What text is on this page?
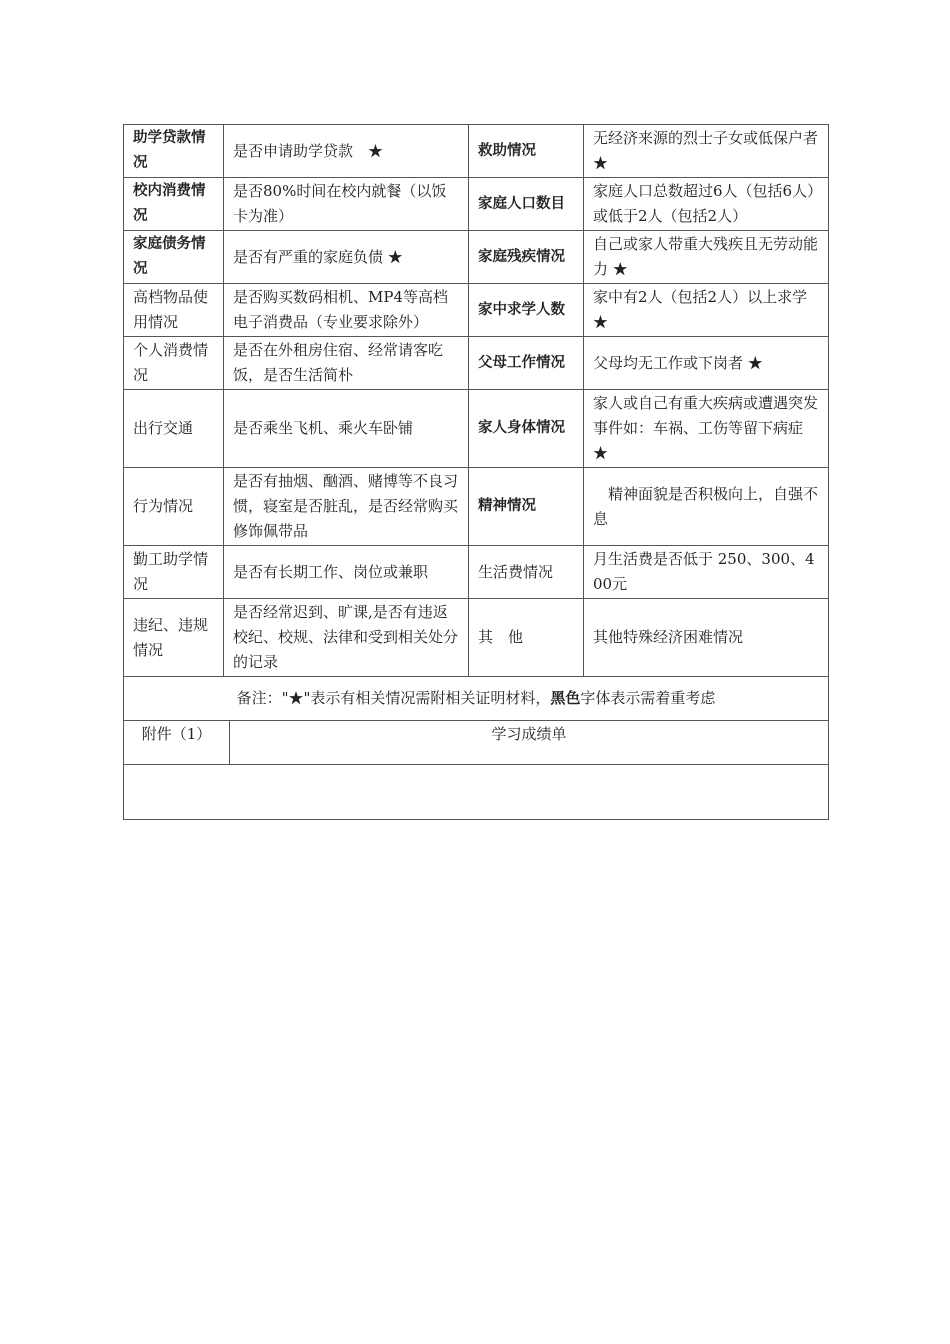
助学贷款情况	是否申请助学贷款　★	救助情况	无经济来源的烈士子女或低保户者　★
校内消费情况	是否80%时间在校内就餐（以饭卡为准）	家庭人口数目	家庭人口总数超过6人（包括6人）或低于2人（包括2人）
家庭债务情况	是否有严重的家庭负债 ★	家庭残疾情况	自己或家人带重大残疾且无劳动能力 ★
高档物品使用情况	是否购买数码相机、MP4等高档电子消费品（专业要求除外）	家中求学人数	家中有2人（包括2人）以上求学 ★
个人消费情况	是否在外租房住宿、经常请客吃饭，是否生活简朴	父母工作情况	父母均无工作或下岗者 ★
出行交通	是否乘坐飞机、乘火车卧铺	家人身体情况	家人或自己有重大疾病或遭遇突发事件如：车祸、工伤等留下病症　★
行为情况	是否有抽烟、酗酒、赌博等不良习惯，寝室是否脏乱，是否经常购买修饰佩带品	精神情况	　精神面貌是否积极向上，自强不息
勤工助学情况	是否有长期工作、岗位或兼职	生活费情况	月生活费是否低于 250、300、400元
违纪、违规情况	是否经常迟到、旷课,是否有违返校纪、校规、法律和受到相关处分的记录	其　他	其他特殊经济困难情况
备注："★"表示有相关情况需附相关证明材料，黑色字体表示需着重考虑			
附件（1）	学习成绩单
